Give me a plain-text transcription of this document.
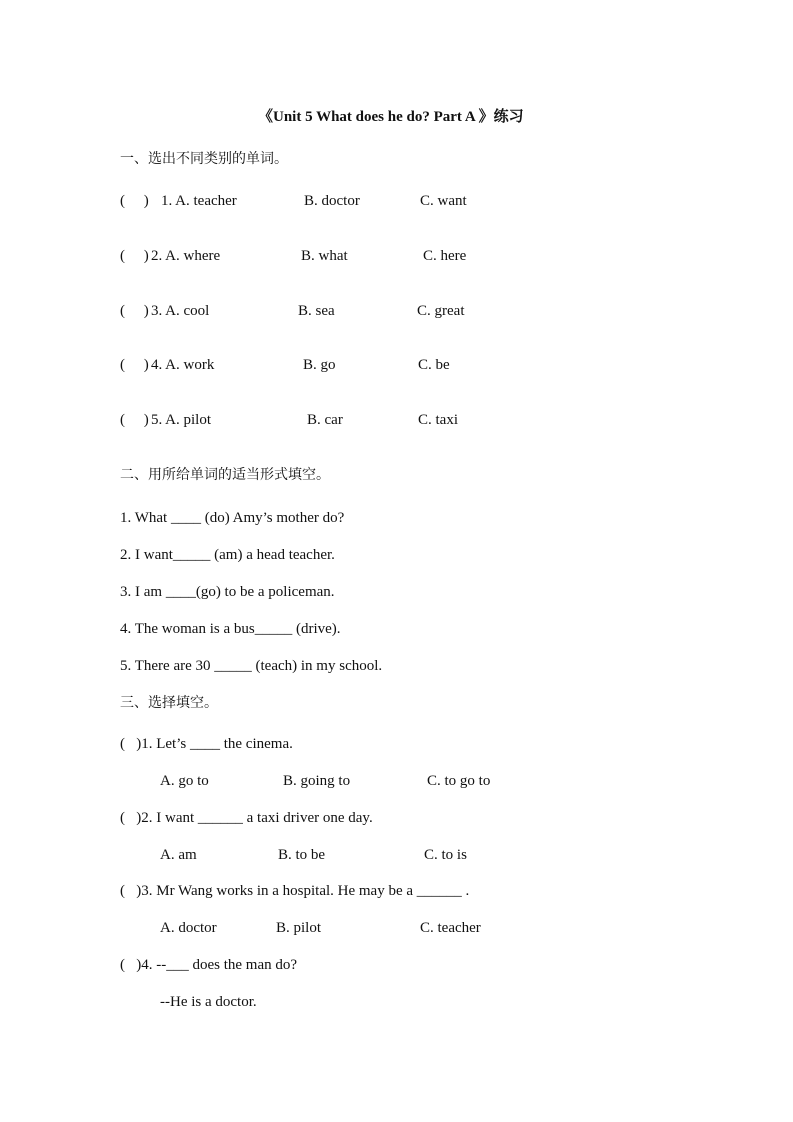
《Unit 5 What does he do? Part A 》练习
一、选出不同类别的单词。
(     ) 1. A. teacher	B. doctor	C. want
(     ) 2. A. where	B. what	C. here
(     ) 3. A. cool	B. sea	C. great
(     ) 4. A. work	B. go	C. be
(     ) 5. A. pilot	B. car	C. taxi
二、用所给单词的适当形式填空。
1. What ____ (do) Amy’s mother do?
2. I want_____ (am) a head teacher.
3. I am ____(go) to be a policeman.
4. The woman is a bus_____ (drive).
5. There are 30 _____ (teach) in my school.
三、选择填空。
(   )1. Let’s ____ the cinema.
A. go to	B. going to	C. to go to
(   )2. I want ______ a taxi driver one day.
A. am	B. to be	C. to is
(   )3. Mr Wang works in a hospital. He may be a ______ .
A. doctor	B. pilot	C. teacher
(   )4. --___ does the man do?
--He is a doctor.
